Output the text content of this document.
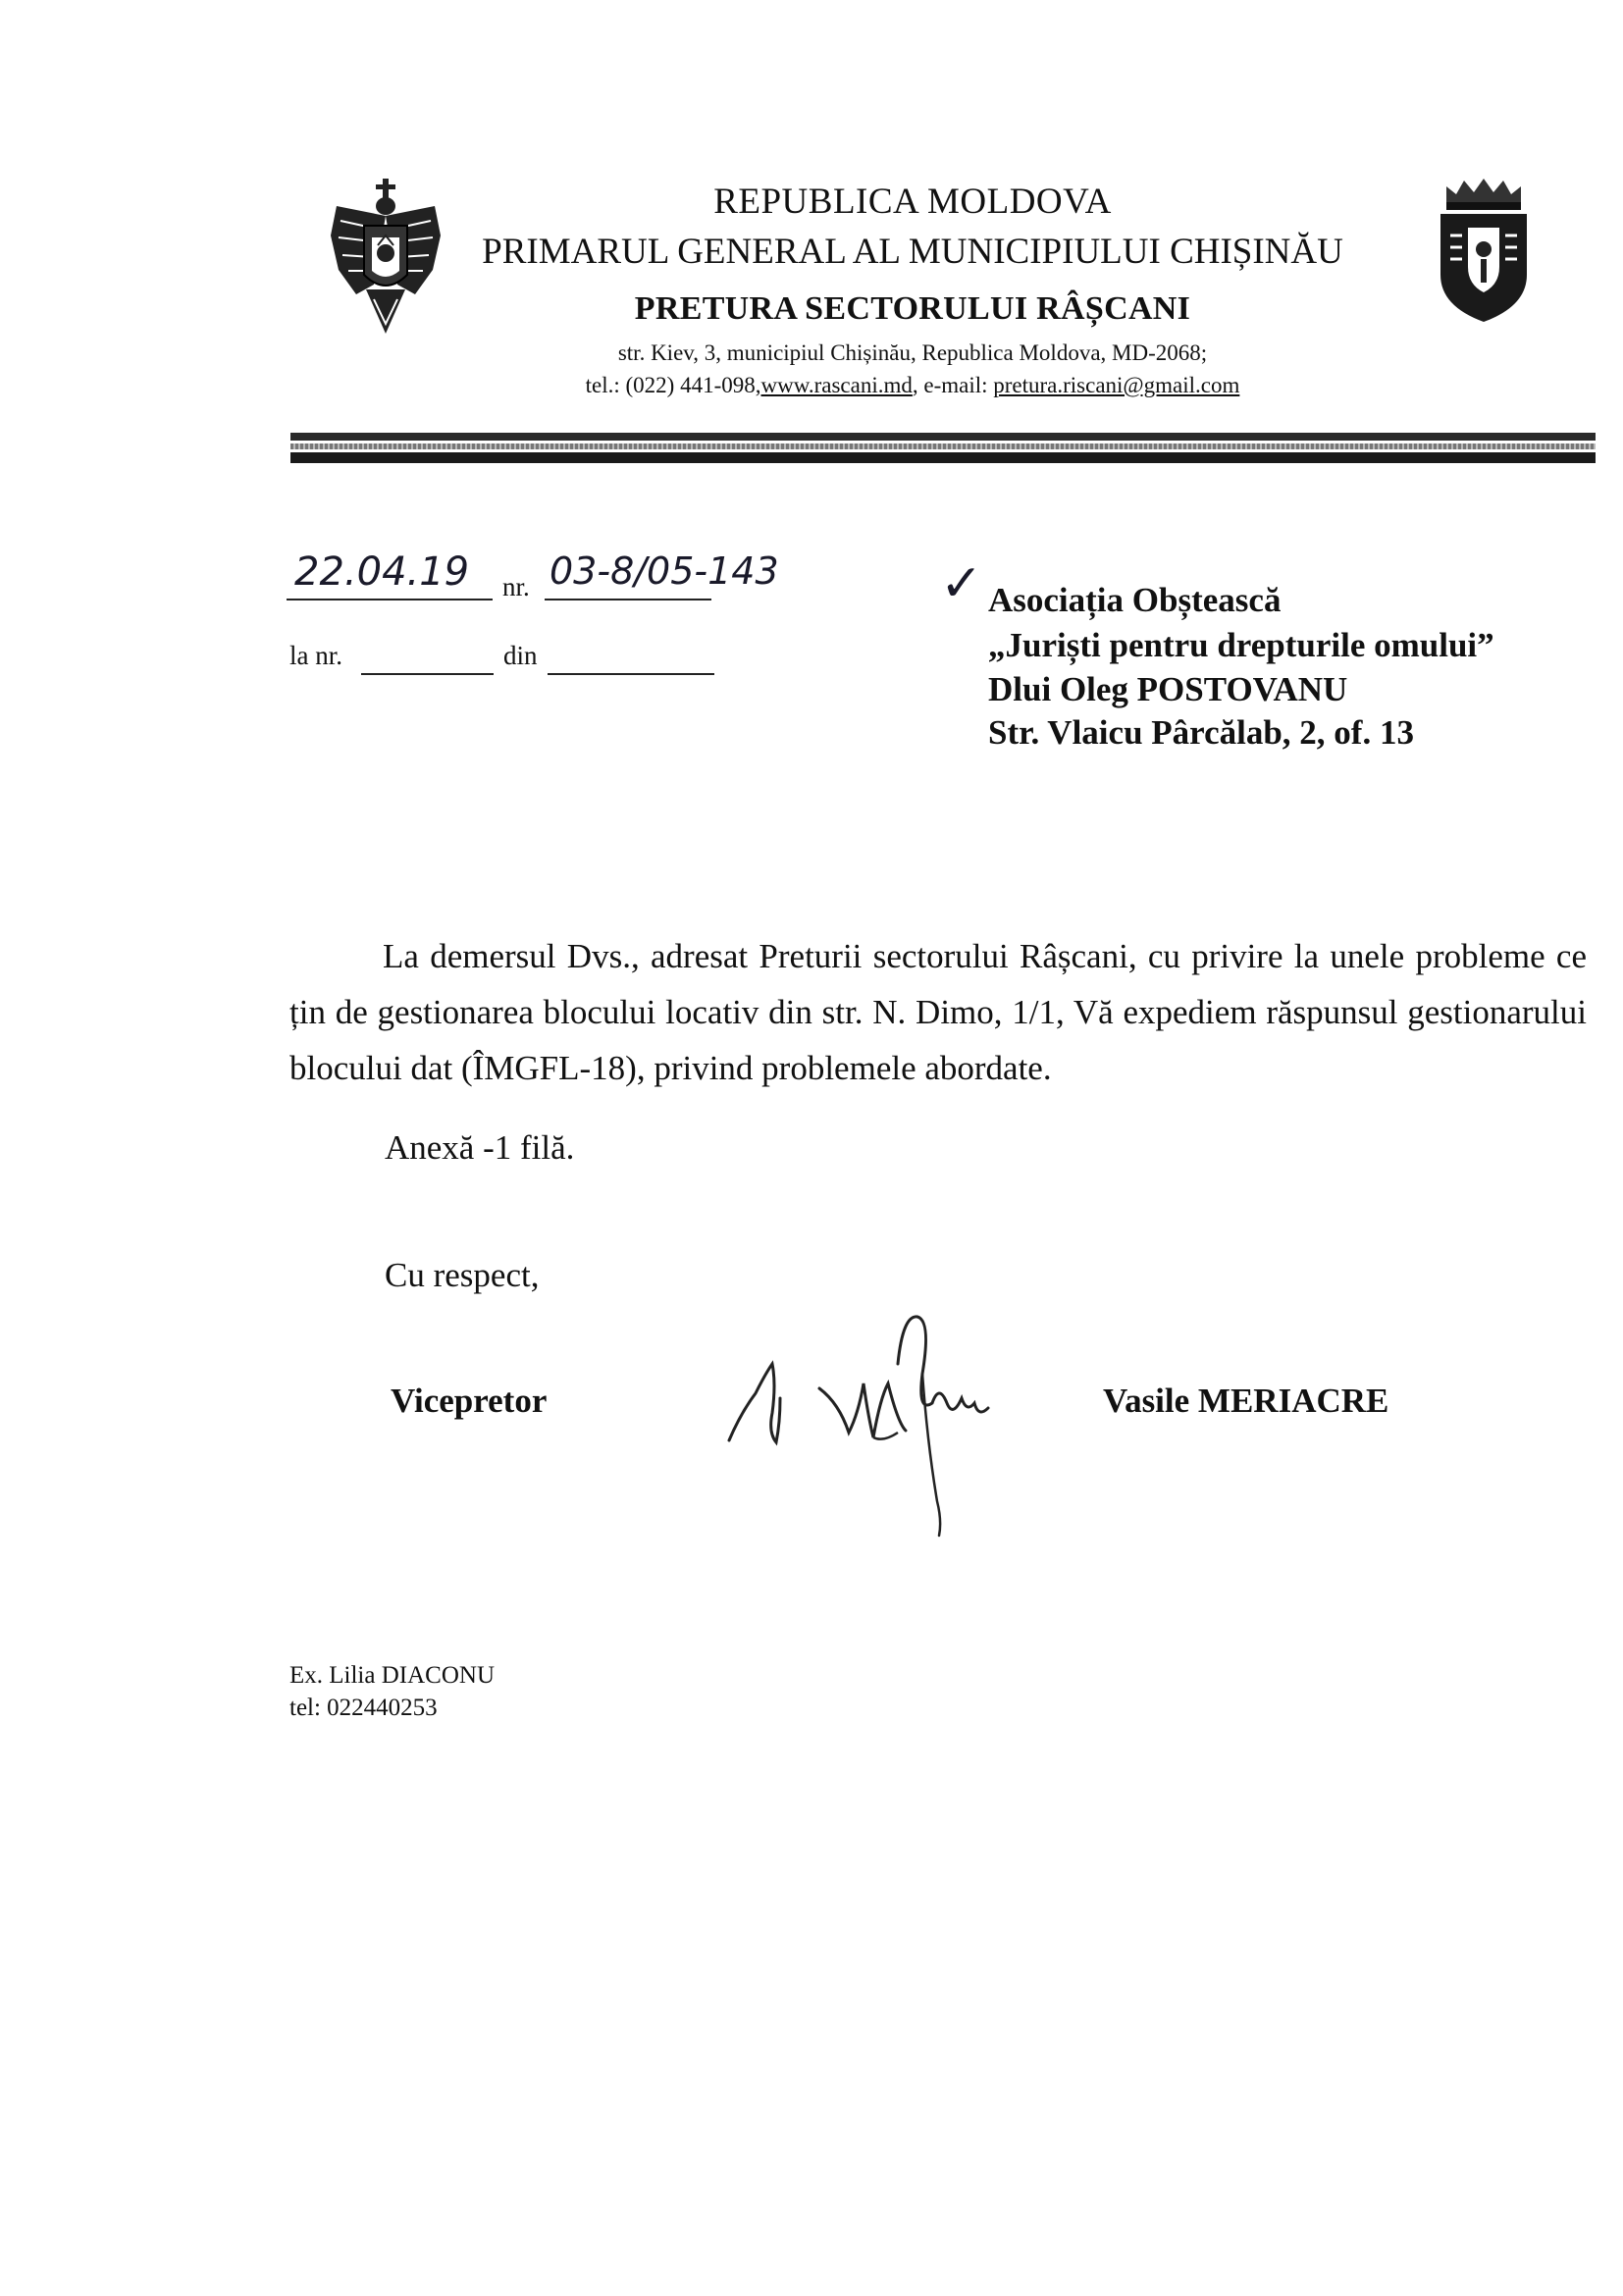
REPUBLICA MOLDOVA
PRIMARUL GENERAL AL MUNICIPIULUI CHIȘINĂU
PRETURA SECTORULUI RÂȘCANI
str. Kiev, 3, municipiul Chișinău, Republica Moldova, MD-2068;
tel.: (022) 441-098,www.rascani.md, e-mail: pretura.riscani@gmail.com
22.04.19 nr. 03-8/05-143
la nr.	din
✓ Asociația Obștească
„Juriști pentru drepturile omului”
Dlui Oleg POSTOVANU
Str. Vlaicu Pârcălab, 2, of. 13
La demersul Dvs., adresat Preturii sectorului Râșcani, cu privire la unele probleme ce țin de gestionarea blocului locativ din str. N. Dimo, 1/1, Vă expediem răspunsul gestionarului blocului dat (ÎMGFL-18), privind problemele abordate.
Anexă -1 filă.
Cu respect,
Vicepretor	Vasile MERIACRE
Ex. Lilia DIACONU
tel: 022440253
